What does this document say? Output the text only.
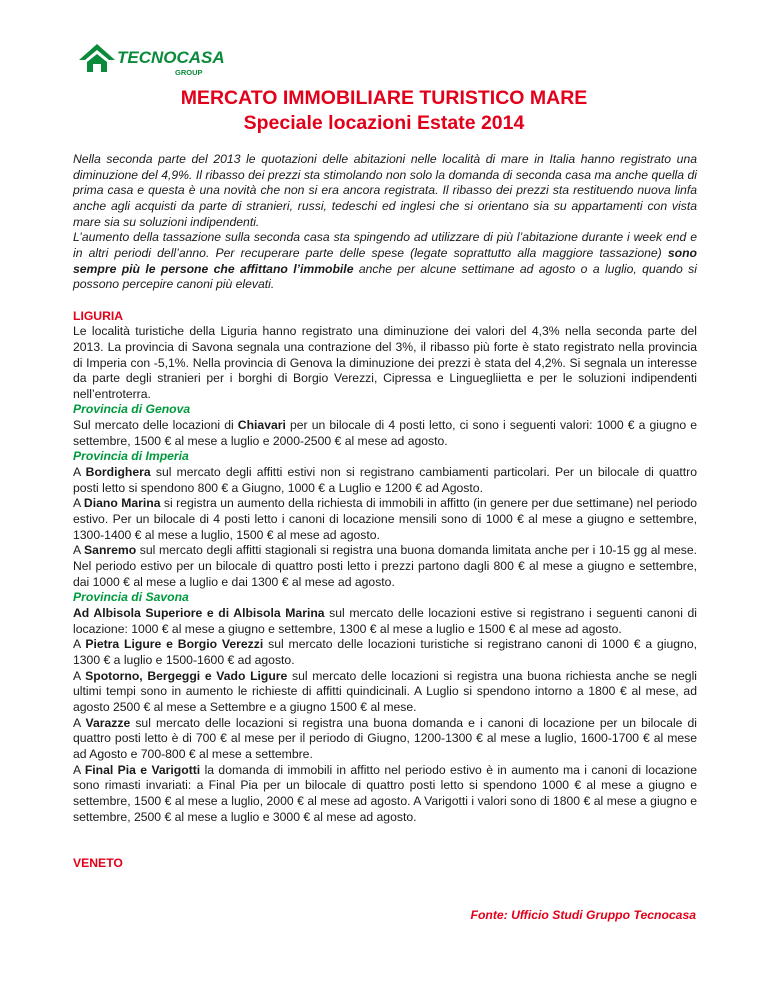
TECNOCASA
GROUP

MERCATO IMMOBILIARE TURISTICO MARE

Speciale locazioni Estate 2014

Nella seconda parte del 2013 le quotazioni delle abitazioni nelle località di mare in Italia hanno registrato una diminuzione del 4,9%. Il ribasso dei prezzi sta stimolando non solo la domanda di seconda casa ma anche quella di prima casa e questa è una novità che non si era ancora registrata. Il ribasso dei prezzi sta restituendo nuova linfa anche agli acquisti da parte di stranieri, russi, tedeschi ed inglesi che si orientano sia su appartamenti con vista mare sia su soluzioni indipendenti.

L’aumento della tassazione sulla seconda casa sta spingendo ad utilizzare di più l’abitazione durante i week end e in altri periodi dell’anno. Per recuperare parte delle spese (legate soprattutto alla maggiore tassazione) sono sempre più le persone che affittano l’immobile anche per alcune settimane ad agosto o a luglio, quando si possono percepire canoni più elevati.

LIGURIA

Le località turistiche della Liguria hanno registrato una diminuzione dei valori del 4,3% nella seconda parte del 2013. La provincia di Savona segnala una contrazione del 3%, il ribasso più forte è stato registrato nella provincia di Imperia con -5,1%. Nella provincia di Genova la diminuzione dei prezzi è stata del 4,2%. Si segnala un interesse da parte degli stranieri per i borghi di Borgio Verezzi, Cipressa e Linguegliietta e per le soluzioni indipendenti nell’entroterra.

Provincia di Genova

Sul mercato delle locazioni di Chiavari per un bilocale di 4 posti letto, ci sono i seguenti valori: 1000 € a giugno e settembre, 1500 € al mese a luglio e 2000-2500 € al mese ad agosto.

Provincia di Imperia

A Bordighera sul mercato degli affitti estivi non si registrano cambiamenti particolari. Per un bilocale di quattro posti letto si spendono 800 € a Giugno, 1000 € a Luglio e 1200 € ad Agosto.

A Diano Marina si registra un aumento della richiesta di immobili in affitto (in genere per due settimane) nel periodo estivo. Per un bilocale di 4 posti letto i canoni di locazione mensili sono di 1000 € al mese a giugno e settembre, 1300-1400 € al mese a luglio, 1500 € al mese ad agosto.

A Sanremo sul mercato degli affitti stagionali si registra una buona domanda limitata anche per i 10-15 gg al mese. Nel periodo estivo per un bilocale di quattro posti letto i prezzi partono dagli 800 € al mese a giugno e settembre, dai 1000 € al mese a luglio e dai 1300 € al mese ad agosto.

Provincia di Savona

Ad Albisola Superiore e di Albisola Marina sul mercato delle locazioni estive si registrano i seguenti canoni di locazione: 1000 € al mese a giugno e settembre, 1300 € al mese a luglio e 1500 € al mese ad agosto.

A Pietra Ligure e Borgio Verezzi sul mercato delle locazioni turistiche si registrano canoni di 1000 € a giugno, 1300 € a luglio e 1500-1600 € ad agosto.

A Spotorno, Bergeggi e Vado Ligure sul mercato delle locazioni si registra una buona richiesta anche se negli ultimi tempi sono in aumento le richieste di affitti quindicinali. A Luglio si spendono intorno a 1800 € al mese, ad agosto 2500 € al mese a Settembre e a giugno 1500 € al mese.

A Varazze sul mercato delle locazioni si registra una buona domanda e i canoni di locazione per un bilocale di quattro posti letto è di 700 € al mese per il periodo di Giugno, 1200-1300 € al mese a luglio, 1600-1700 € al mese ad Agosto e 700-800 € al mese a settembre.

A Final Pia e Varigotti la domanda di immobili in affitto nel periodo estivo è in aumento ma i canoni di locazione sono rimasti invariati: a Final Pia per un bilocale di quattro posti letto si spendono 1000 € al mese a giugno e settembre, 1500 € al mese a luglio, 2000 € al mese ad agosto. A Varigotti i valori sono di 1800 € al mese a giugno e settembre, 2500 € al mese a luglio e 3000 € al mese ad agosto.

VENETO

Fonte: Ufficio Studi Gruppo Tecnocasa
